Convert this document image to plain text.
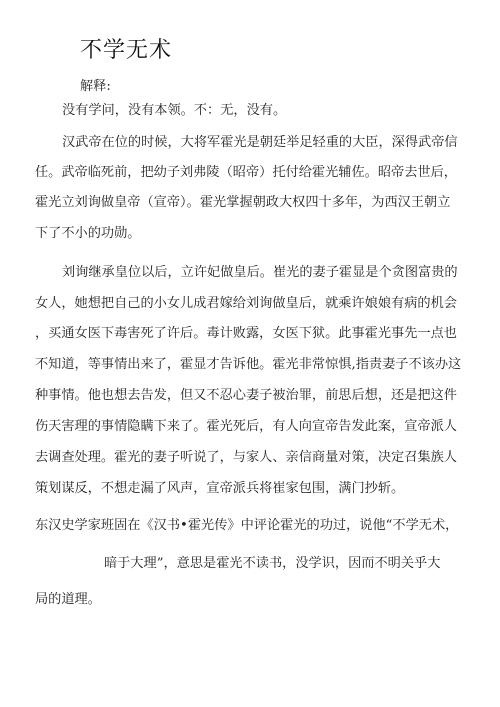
不学无术
解释:
没有学问，没有本领。不：无，没有。
汉武帝在位的时候，大将军霍光是朝廷举足轻重的大臣，深得武帝信
任。武帝临死前，把幼子刘弗陵（昭帝）托付给霍光辅佐。昭帝去世后，
霍光立刘询做皇帝（宣帝）。霍光掌握朝政大权四十多年，为西汉王朝立
下了不小的功勋。
刘询继承皇位以后，立许妃做皇后。崔光的妻子霍显是个贪图富贵的
女人，她想把自己的小女儿成君嫁给刘询做皇后，就乘许娘娘有病的机会
，买通女医下毒害死了许后。毒计败露，女医下狱。此事霍光事先一点也
不知道，等事情出来了，霍显才告诉他。霍光非常惊惧,指责妻子不该办这
种事情。他也想去告发，但又不忍心妻子被治罪，前思后想，还是把这件
伤天害理的事情隐瞒下来了。霍光死后，有人向宣帝告发此案，宣帝派人
去调查处理。霍光的妻子听说了，与家人、亲信商量对策，决定召集族人
策划谋反，不想走漏了风声，宣帝派兵将崔家包围，满门抄斩。
东汉史学家班固在《汉书•霍光传》中评论霍光的功过，说他“不学无术，
暗于大理”，意思是霍光不读书，没学识，因而不明关乎大
局的道理。
